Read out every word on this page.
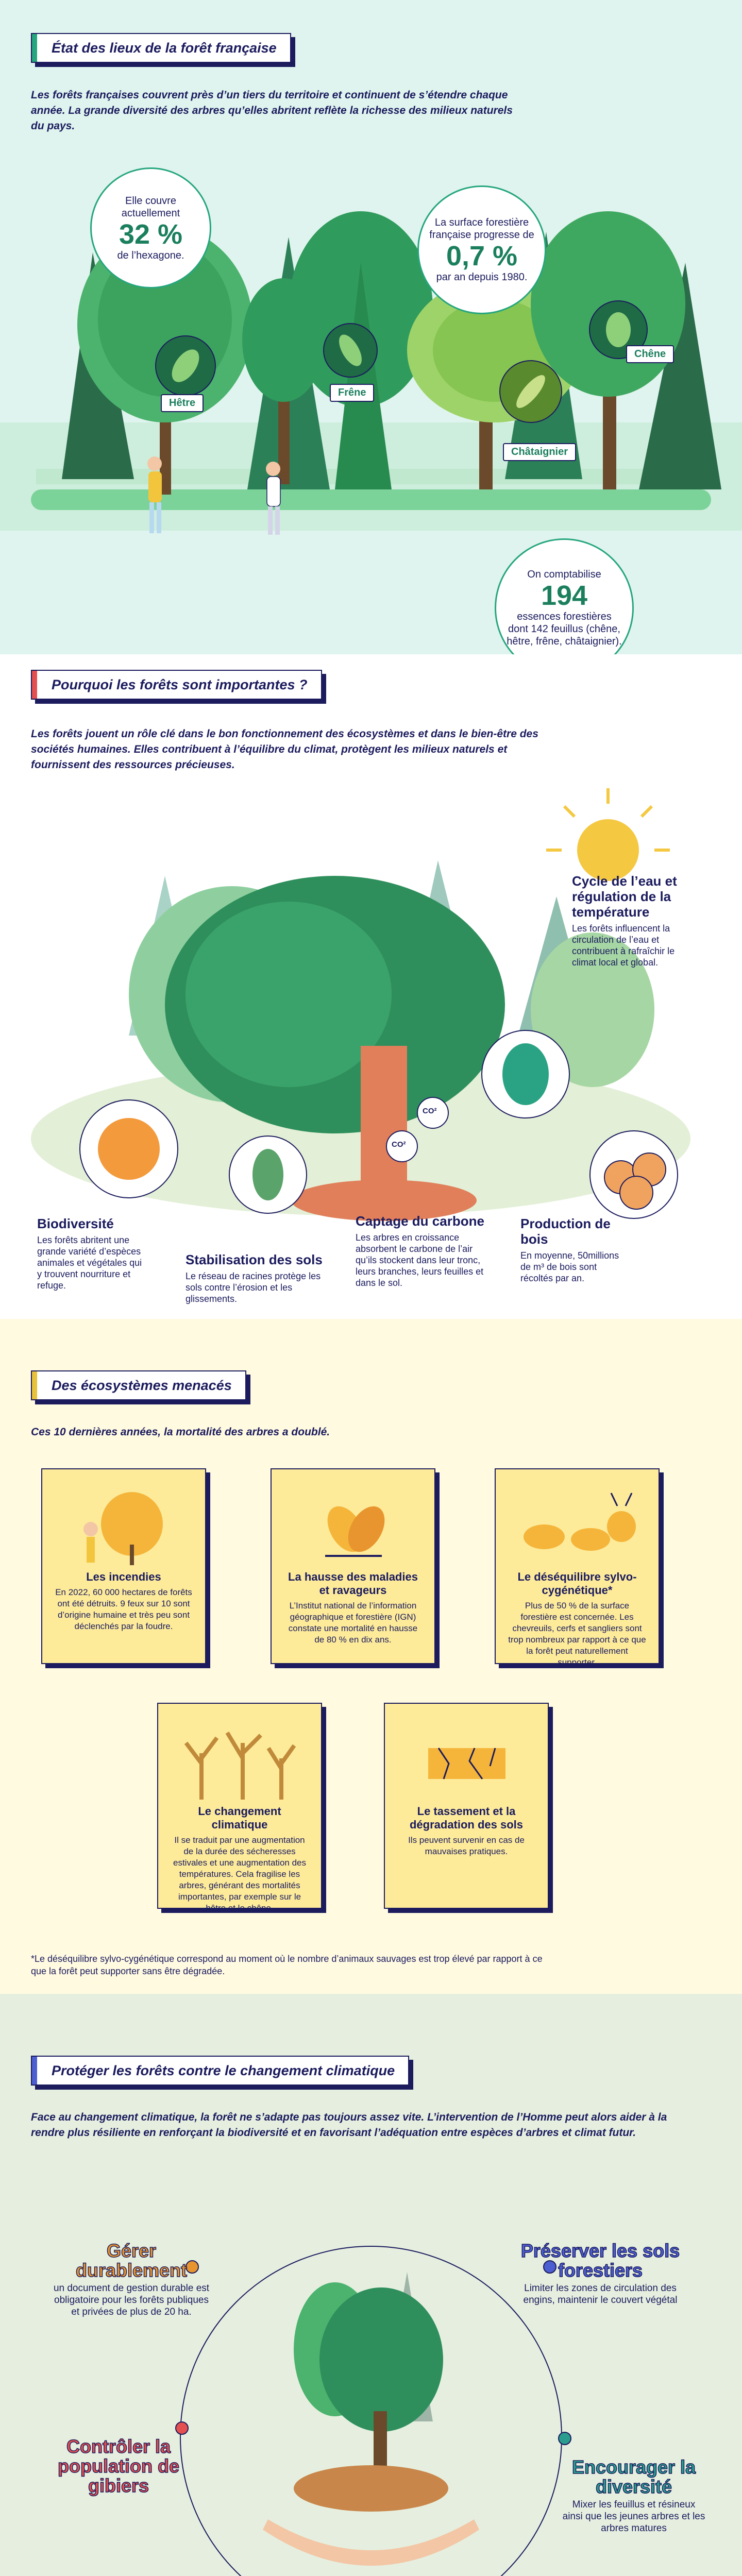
État des lieux de la forêt française
Les forêts françaises couvrent près d’un tiers du territoire et continuent de s’étendre chaque année. La grande diversité des arbres qu’elles abritent reflète la richesse des milieux naturels du pays.
Hêtre
Frêne
Châtaignier
Chêne
Elle couvre actuellement
32 %
de l’hexagone.
La surface forestière française progresse de
0,7 %
par an depuis 1980.
On comptabilise
194
essences forestières dont 142 feuillus (chêne, hêtre, frêne, châtaignier).
Pourquoi les forêts sont importantes ?
Les forêts jouent un rôle clé dans le bon fonctionnement des écosystèmes et dans le bien-être des sociétés humaines. Elles contribuent à l’équilibre du climat, protègent les milieux naturels et fournissent des ressources précieuses.
CO²
CO²
Cycle de l’eau et régulation de la température
Les forêts influencent la circulation de l’eau et contribuent à rafraîchir le climat local et global.
Biodiversité
Les forêts abritent une grande variété d’espèces animales et végétales qui y trouvent nourriture et refuge.
Stabilisation des sols
Le réseau de racines protège les sols contre l’érosion et les glissements.
Captage du carbone
Les arbres en croissance absorbent le carbone de l’air qu’ils stockent dans leur tronc, leurs branches, leurs feuilles et dans le sol.
Production de bois
En moyenne, 50millions de m³ de bois sont récoltés par an.
Des écosystèmes menacés
Ces 10 dernières années, la mortalité des arbres a doublé.
Les incendies
En 2022, 60 000 hectares de forêts ont été détruits. 9 feux sur 10 sont d’origine humaine et très peu sont déclenchés par la foudre.
La hausse des maladies et ravageurs
L’Institut national de l’information géographique et forestière (IGN) constate une mortalité en hausse de 80 % en dix ans.
Le déséquilibre sylvo-cygénétique*
Plus de 50 % de la surface forestière est concernée. Les chevreuils, cerfs et sangliers sont trop nombreux par rapport à ce que la forêt peut naturellement supporter.
Le changement climatique
Il se traduit par une augmentation de la durée des sécheresses estivales et une augmentation des températures. Cela fragilise les arbres, générant des mortalités importantes, par exemple sur le hêtre et le chêne.
Le tassement et la dégradation des sols
Ils peuvent survenir en cas de mauvaises pratiques.
*Le déséquilibre sylvo-cygénétique correspond au moment où le nombre d’animaux sauvages est trop élevé par rapport à ce que la forêt peut supporter sans être dégradée.
Protéger les forêts contre le changement climatique
Face au changement climatique, la forêt ne s’adapte pas toujours assez vite. L’intervention de l’Homme peut alors aider à la rendre plus résiliente en renforçant la biodiversité et en favorisant l’adéquation entre espèces d’arbres et climat futur.
Gérer durablement
un document de gestion durable est obligatoire pour les forêts publiques et privées de plus de 20 ha.
Préserver les sols forestiers
Limiter les zones de circulation des engins, maintenir le couvert végétal
Contrôler la population de gibiers
Encourager la diversité
Mixer les feuillus et résineux ainsi que les jeunes arbres et les arbres matures
